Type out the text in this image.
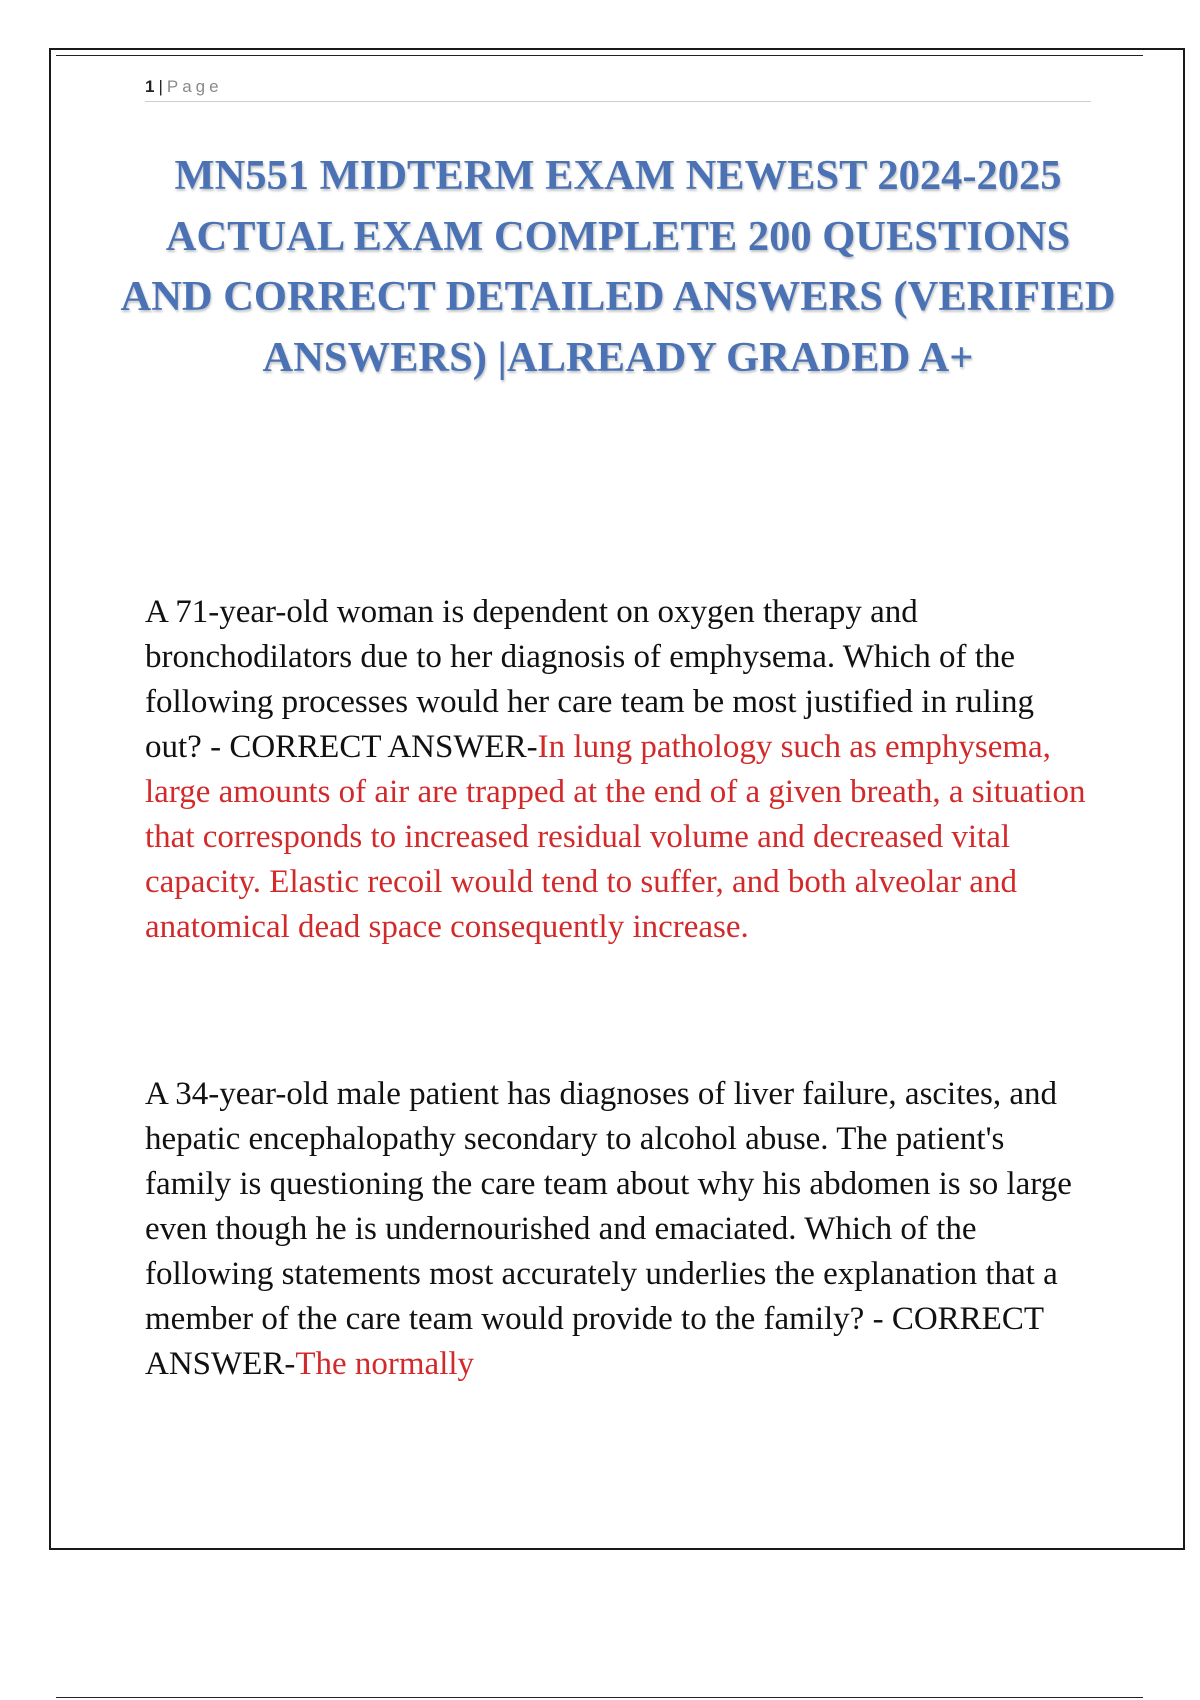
1 | Page
MN551 MIDTERM EXAM NEWEST 2024-2025 ACTUAL EXAM COMPLETE 200 QUESTIONS AND CORRECT DETAILED ANSWERS (VERIFIED ANSWERS) |ALREADY GRADED A+

A 71-year-old woman is dependent on oxygen therapy and bronchodilators due to her diagnosis of emphysema. Which of the following processes would her care team be most justified in ruling out? - CORRECT ANSWER-In lung pathology such as emphysema, large amounts of air are trapped at the end of a given breath, a situation that corresponds to increased residual volume and decreased vital capacity. Elastic recoil would tend to suffer, and both alveolar and anatomical dead space consequently increase.

A 34-year-old male patient has diagnoses of liver failure, ascites, and hepatic encephalopathy secondary to alcohol abuse. The patient's family is questioning the care team about why his abdomen is so large even though he is undernourished and emaciated. Which of the following statements most accurately underlies the explanation that a member of the care team would provide to the family? - CORRECT ANSWER-The normally
